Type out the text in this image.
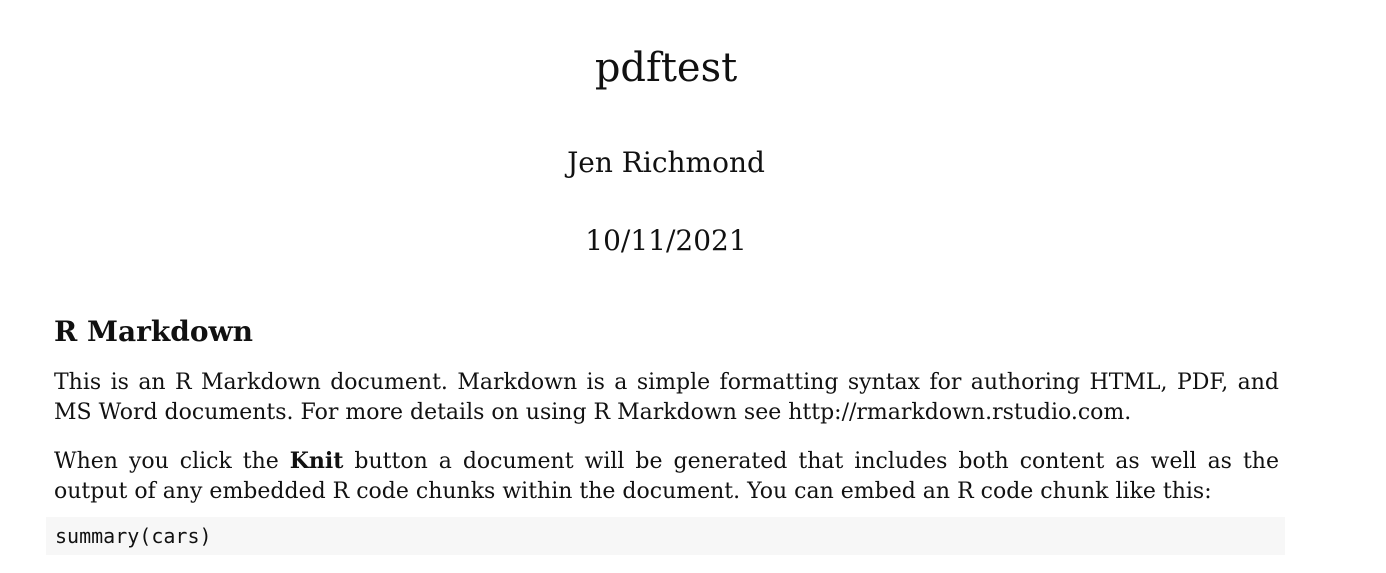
pdftest
Jen Richmond
10/11/2021
R Markdown

This is an R Markdown document. Markdown is a simple formatting syntax for authoring HTML, PDF, and MS Word documents. For more details on using R Markdown see http://rmarkdown.rstudio.com.

When you click the Knit button a document will be generated that includes both content as well as the output of any embedded R code chunks within the document. You can embed an R code chunk like this:

summary(cars)
